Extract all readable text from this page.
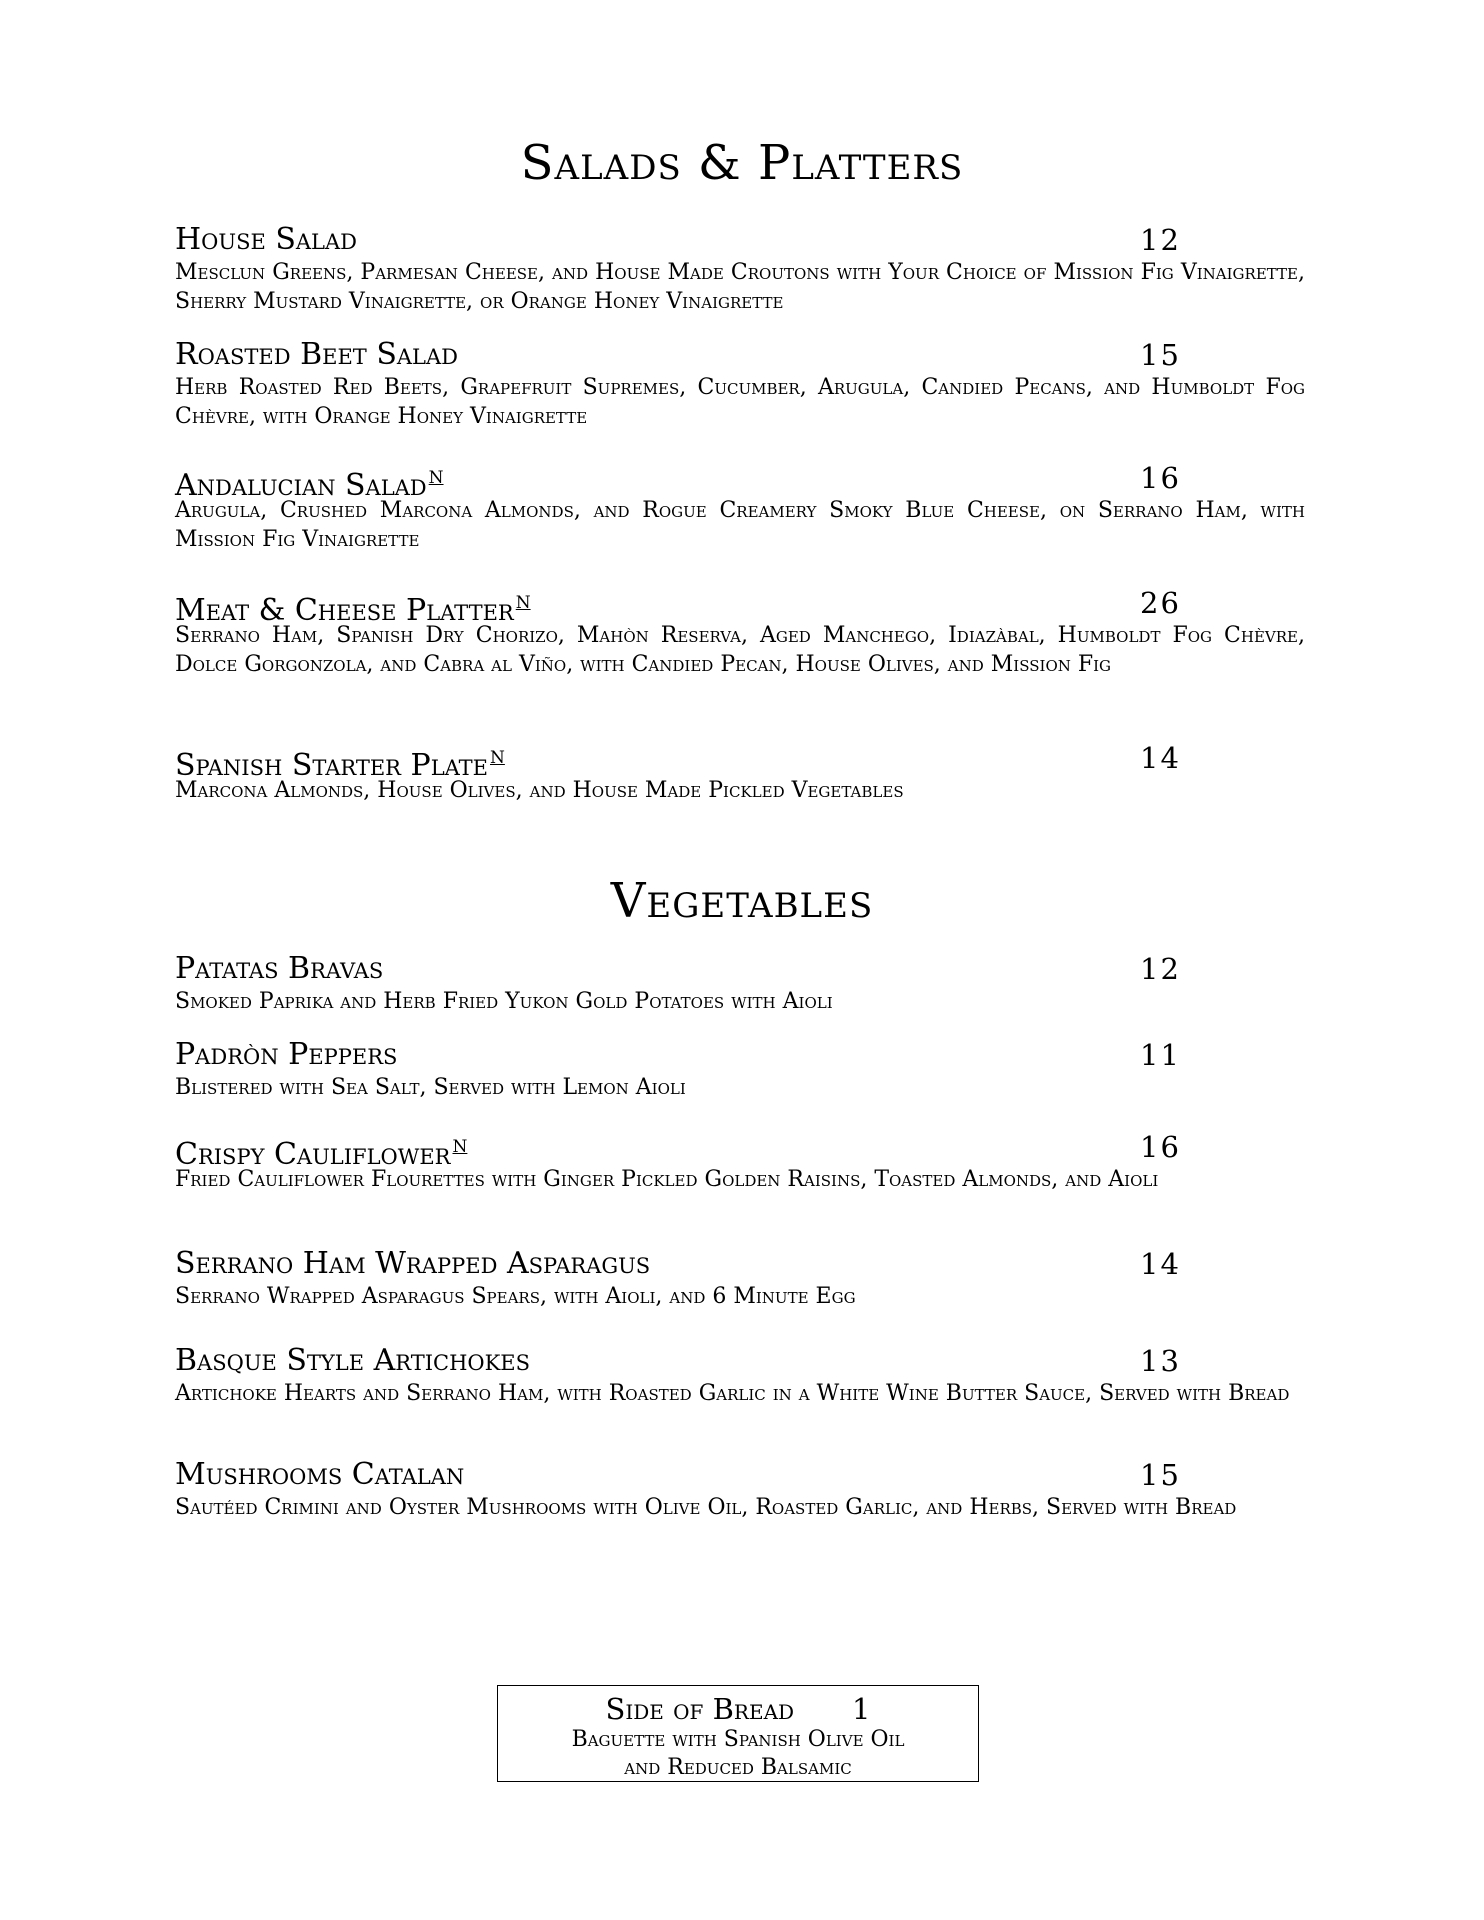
Salads & Platters
House Salad	12
Mesclun Greens, Parmesan Cheese, and House Made Croutons with Your Choice of Mission Fig Vinaigrette, Sherry Mustard Vinaigrette, or Orange Honey Vinaigrette
Roasted Beet Salad	15
Herb Roasted Red Beets, Grapefruit Supremes, Cucumber, Arugula, Candied Pecans, and Humboldt Fog Chèvre, with Orange Honey Vinaigrette
Andalucian Salad $^N$	16
Arugula, Crushed Marcona Almonds, and Rogue Creamery Smoky Blue Cheese, on Serrano Ham, with Mission Fig Vinaigrette
Meat & Cheese Platter $^N$	26
Serrano Ham, Spanish Dry Chorizo, Mahòn Reserva, Aged Manchego, Idiazàbal, Humboldt Fog Chèvre, Dolce Gorgonzola, and Cabra al Viño, with Candied Pecan, House Olives, and Mission Fig
Spanish Starter Plate $^N$	14
Marcona Almonds, House Olives, and House Made Pickled Vegetables
Vegetables
Patatas Bravas	12
Smoked Paprika and Herb Fried Yukon Gold Potatoes with Aioli
Padròn Peppers	11
Blistered with Sea Salt, Served with Lemon Aioli
Crispy Cauliflower $^N$	16
Fried Cauliflower Flourettes with Ginger Pickled Golden Raisins, Toasted Almonds, and Aioli
Serrano Ham Wrapped Asparagus	14
Serrano Wrapped Asparagus Spears, with Aioli, and 6 Minute Egg
Basque Style Artichokes	13
Artichoke Hearts and Serrano Ham, with Roasted Garlic in a White Wine Butter Sauce, Served with Bread
Mushrooms Catalan	15
Sautéed Crimini and Oyster Mushrooms with Olive Oil, Roasted Garlic, and Herbs, Served with Bread
Side of Bread 1
Baguette with Spanish Olive Oil
and Reduced Balsamic
